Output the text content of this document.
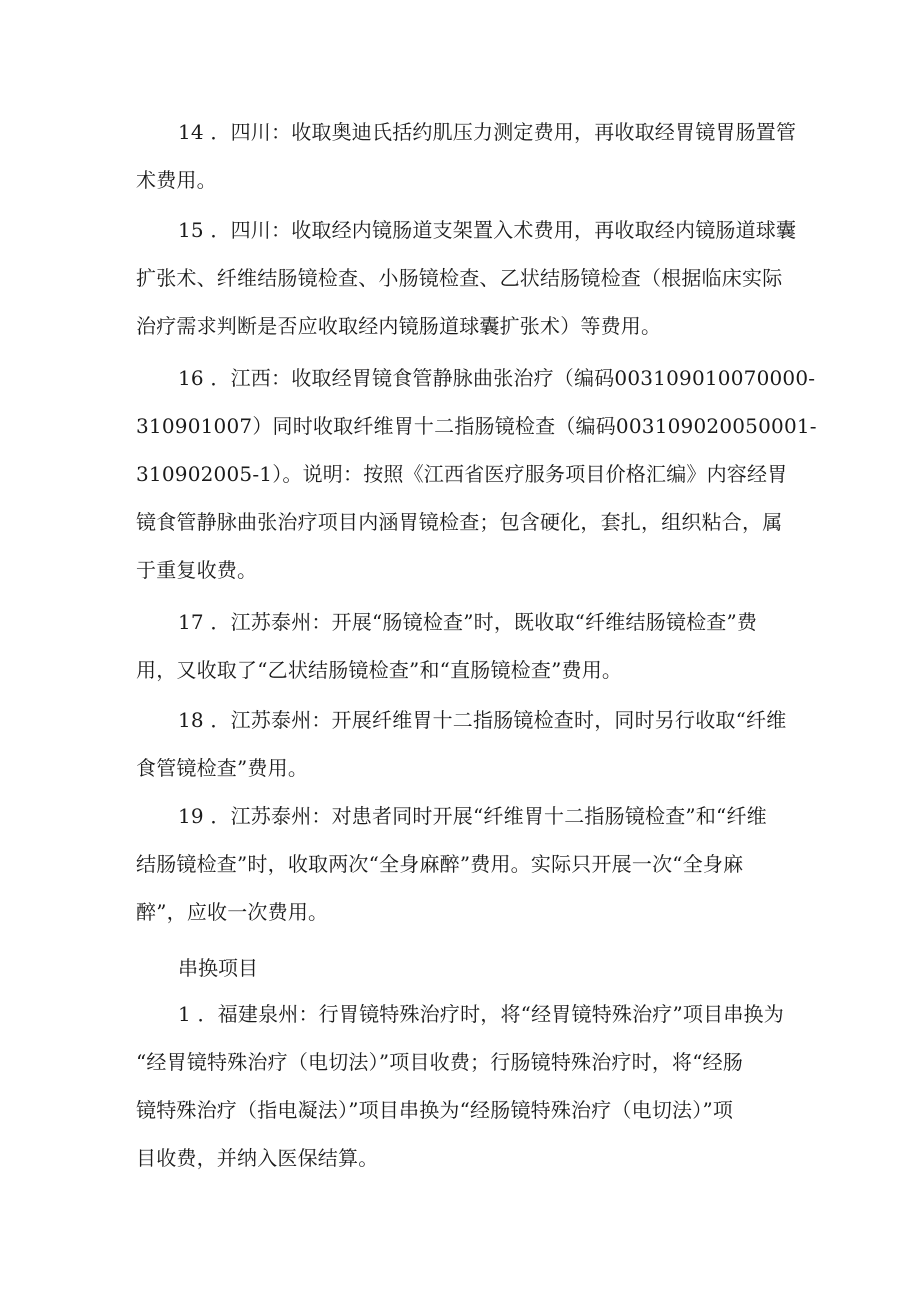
14 ．四川：收取奥迪氏括约肌压力测定费用，再收取经胃镜胃肠置管
术费用。
15 ．四川：收取经内镜肠道支架置入术费用，再收取经内镜肠道球囊
扩张术、纤维结肠镜检查、小肠镜检查、乙状结肠镜检查（根据临床实际
治疗需求判断是否应收取经内镜肠道球囊扩张术）等费用。
16 ．江西：收取经胃镜食管静脉曲张治疗（编码003109010070000-
310901007）同时收取纤维胃十二指肠镜检查（编码003109020050001-
310902005-1）。说明：按照《江西省医疗服务项目价格汇编》内容经胃
镜食管静脉曲张治疗项目内涵胃镜检查；包含硬化，套扎，组织粘合，属
于重复收费。
17 ．江苏泰州：开展“肠镜检查”时，既收取“纤维结肠镜检查”费
用，又收取了“乙状结肠镜检查”和“直肠镜检查”费用。
18 ．江苏泰州：开展纤维胃十二指肠镜检查时，同时另行收取“纤维
食管镜检查”费用。
19 ．江苏泰州：对患者同时开展“纤维胃十二指肠镜检查”和“纤维
结肠镜检查”时，收取两次“全身麻醉”费用。实际只开展一次“全身麻
醉”，应收一次费用。
串换项目
1 ．福建泉州：行胃镜特殊治疗时，将“经胃镜特殊治疗”项目串换为
“经胃镜特殊治疗（电切法）”项目收费；行肠镜特殊治疗时，将“经肠
镜特殊治疗（指电凝法）”项目串换为“经肠镜特殊治疗（电切法）”项
目收费，并纳入医保结算。
